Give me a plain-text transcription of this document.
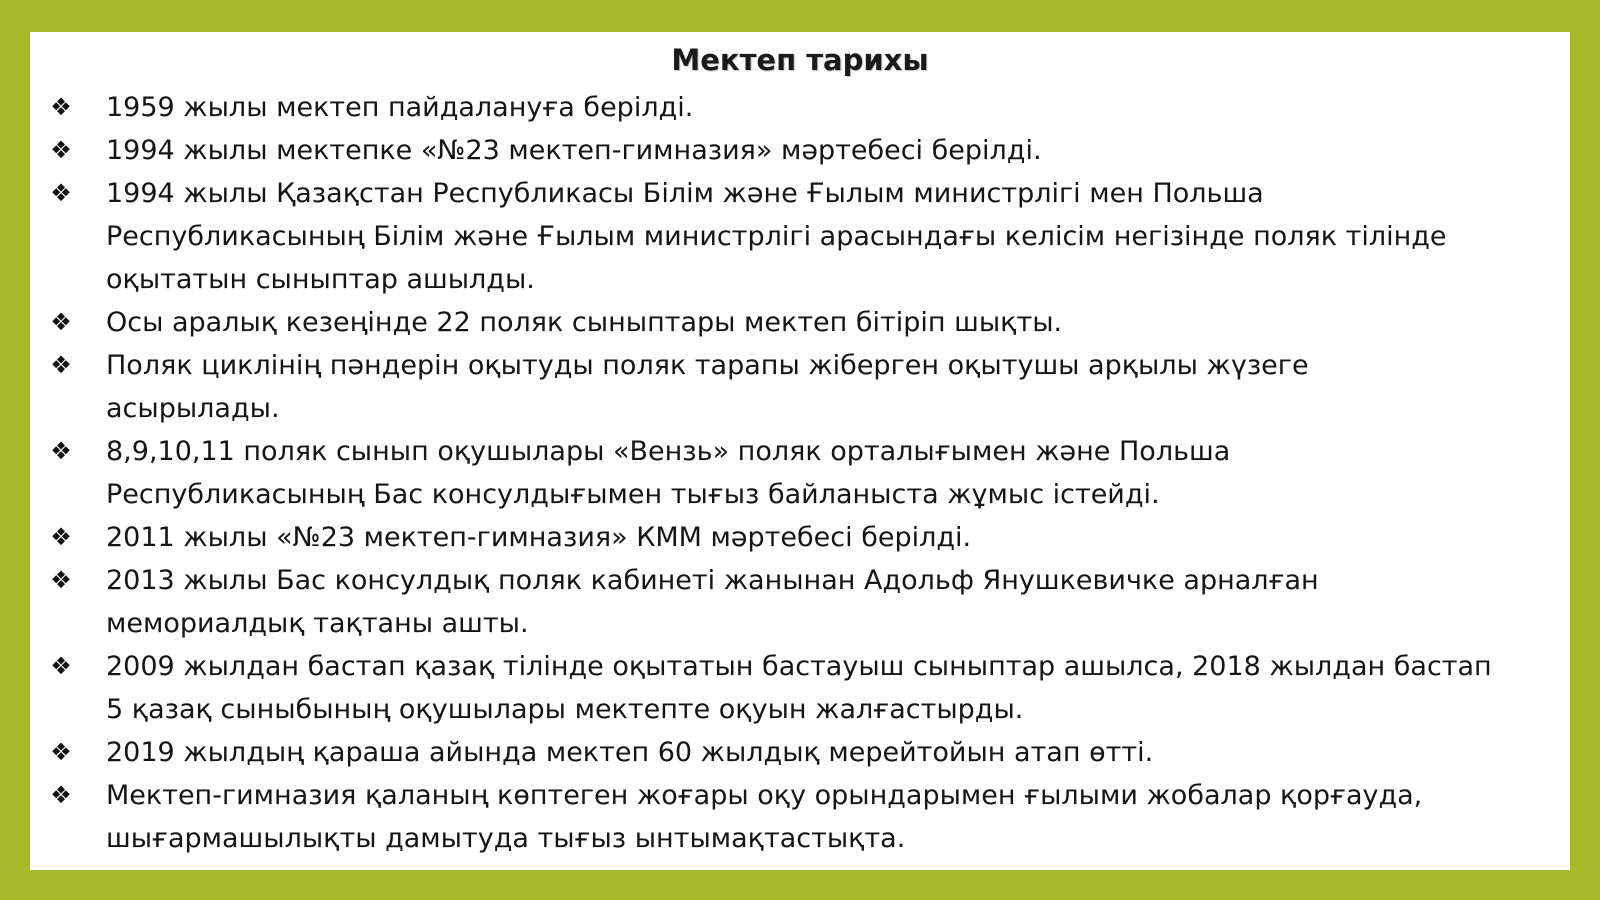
Мектеп тарихы
❖ 1959 жылы мектеп пайдалануға берілді.
❖ 1994 жылы мектепке «№23 мектеп-гимназия» мәртебесі берілді.
❖ 1994 жылы Қазақстан Республикасы Білім және Ғылым министрлігі мен Польша
Республикасының Білім және Ғылым министрлігі арасындағы келісім негізінде поляк тілінде
оқытатын сыныптар ашылды.
❖ Осы аралық кезеңінде 22 поляк сыныптары мектеп бітіріп шықты.
❖ Поляк циклінің пәндерін оқытуды поляк тарапы жіберген оқытушы арқылы жүзеге
асырылады.
❖ 8,9,10,11 поляк сынып оқушылары «Вензь» поляк орталығымен және Польша
Республикасының Бас консулдығымен тығыз байланыста жұмыс істейді.
❖ 2011 жылы «№23 мектеп-гимназия» КММ мәртебесі берілді.
❖ 2013 жылы Бас консулдық поляк кабинеті жанынан Адольф Янушкевичке арналған
мемориалдық тақтаны ашты.
❖ 2009 жылдан бастап қазақ тілінде оқытатын бастауыш сыныптар ашылса, 2018 жылдан бастап
5 қазақ сыныбының оқушылары мектепте оқуын жалғастырды.
❖ 2019 жылдың қараша айында мектеп 60 жылдық мерейтойын атап өтті.
❖ Мектеп-гимназия қаланың көптеген жоғары оқу орындарымен ғылыми жобалар қорғауда,
шығармашылықты дамытуда тығыз ынтымақтастықта.
